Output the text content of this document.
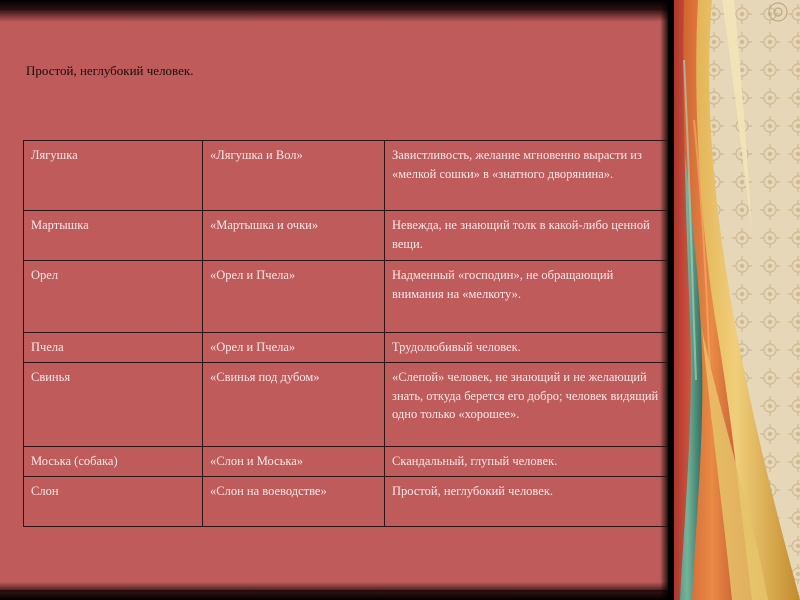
Простой, неглубокий человек.
Лягушка	«Лягушка и Вол»	Завистливость, желание мгновенно вырасти из «мелкой сошки» в «знатного дворянина».
Мартышка	«Мартышка и очки»	Невежда, не знающий толк в какой-либо ценной вещи.
Орел	«Орел и Пчела»	Надменный «господин», не обращающий внимания на «мелкоту».
Пчела	«Орел и Пчела»	Трудолюбивый человек.
Свинья	«Свинья под дубом»	«Слепой» человек, не знающий и не желающий знать, откуда берется его добро; человек видящий одно только «хорошее».
Моська (собака)	«Слон и Моська»	Скандальный, глупый человек.
Слон	«Слон на воеводстве»	Простой, неглубокий человек.
